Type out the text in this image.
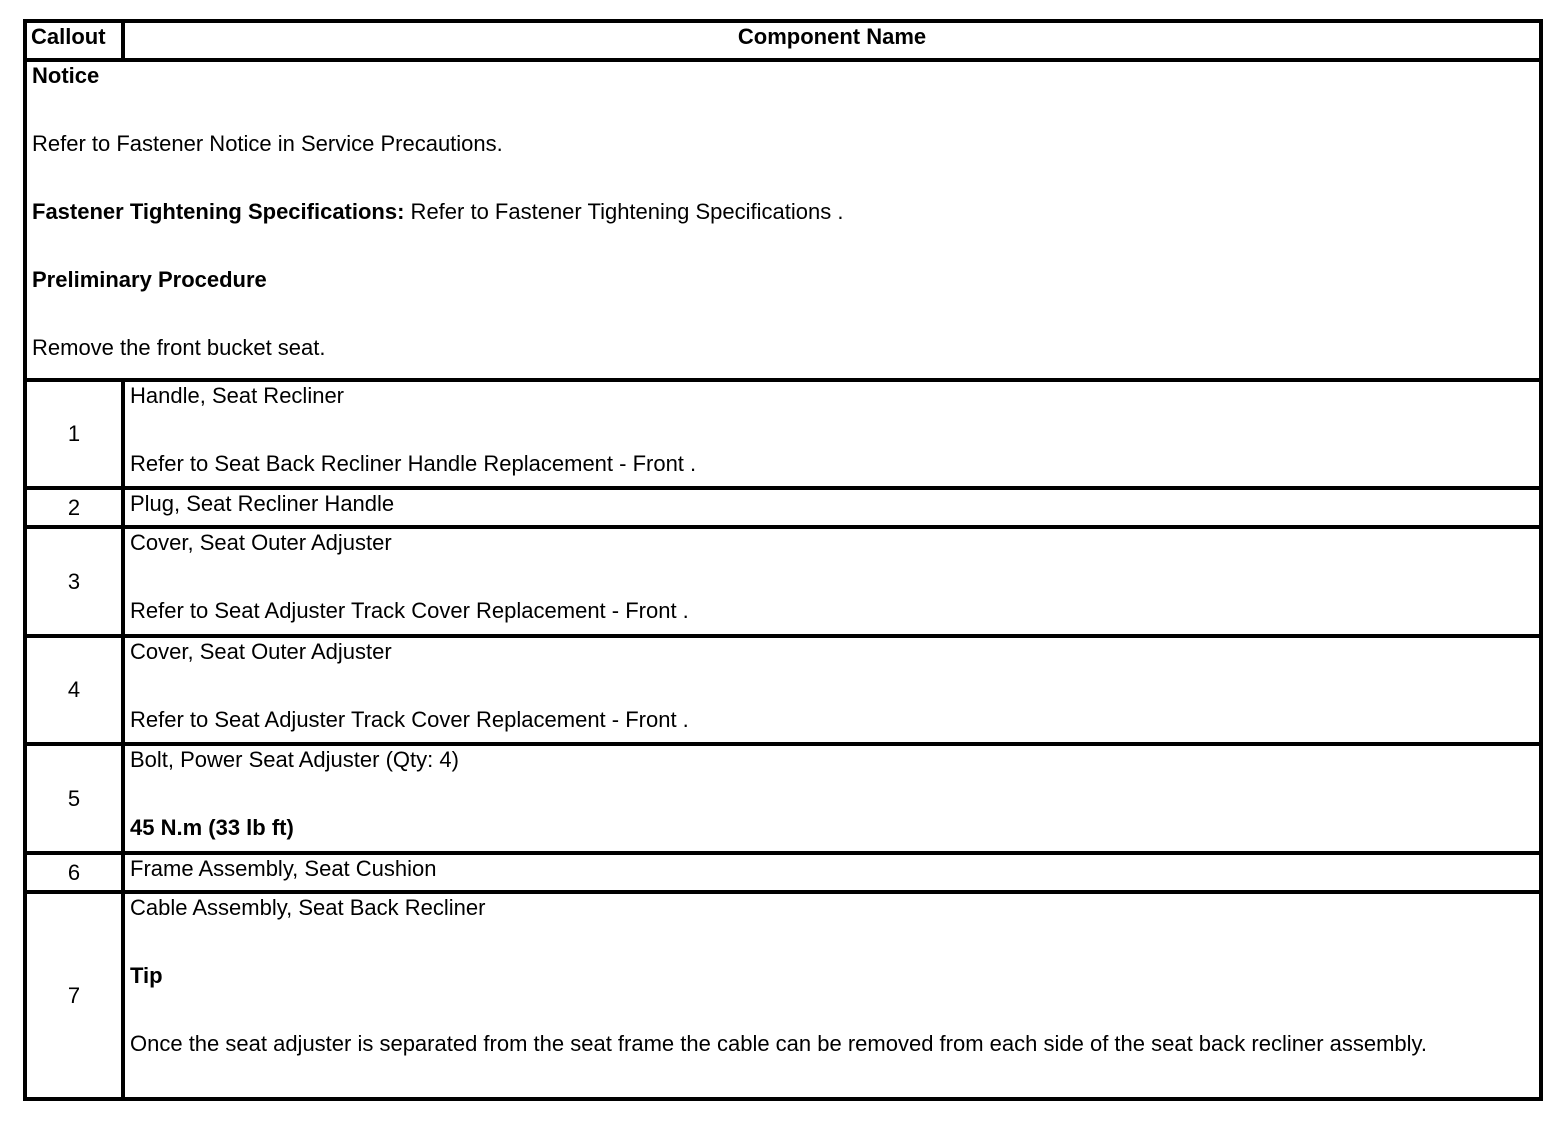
Callout	Component Name

Notice

Refer to Fastener Notice in Service Precautions.

Fastener Tightening Specifications: Refer to Fastener Tightening Specifications .

Preliminary Procedure

Remove the front bucket seat.	

1	Handle, Seat Recliner

Refer to Seat Back Recliner Handle Replacement - Front .

2	Plug, Seat Recliner Handle

3	Cover, Seat Outer Adjuster

Refer to Seat Adjuster Track Cover Replacement - Front .

4	Cover, Seat Outer Adjuster

Refer to Seat Adjuster Track Cover Replacement - Front .

5	Bolt, Power Seat Adjuster (Qty: 4)

45 N.m (33 lb ft)

6	Frame Assembly, Seat Cushion

7	Cable Assembly, Seat Back Recliner

Tip

Once the seat adjuster is separated from the seat frame the cable can be removed from each side of the seat back recliner assembly.
